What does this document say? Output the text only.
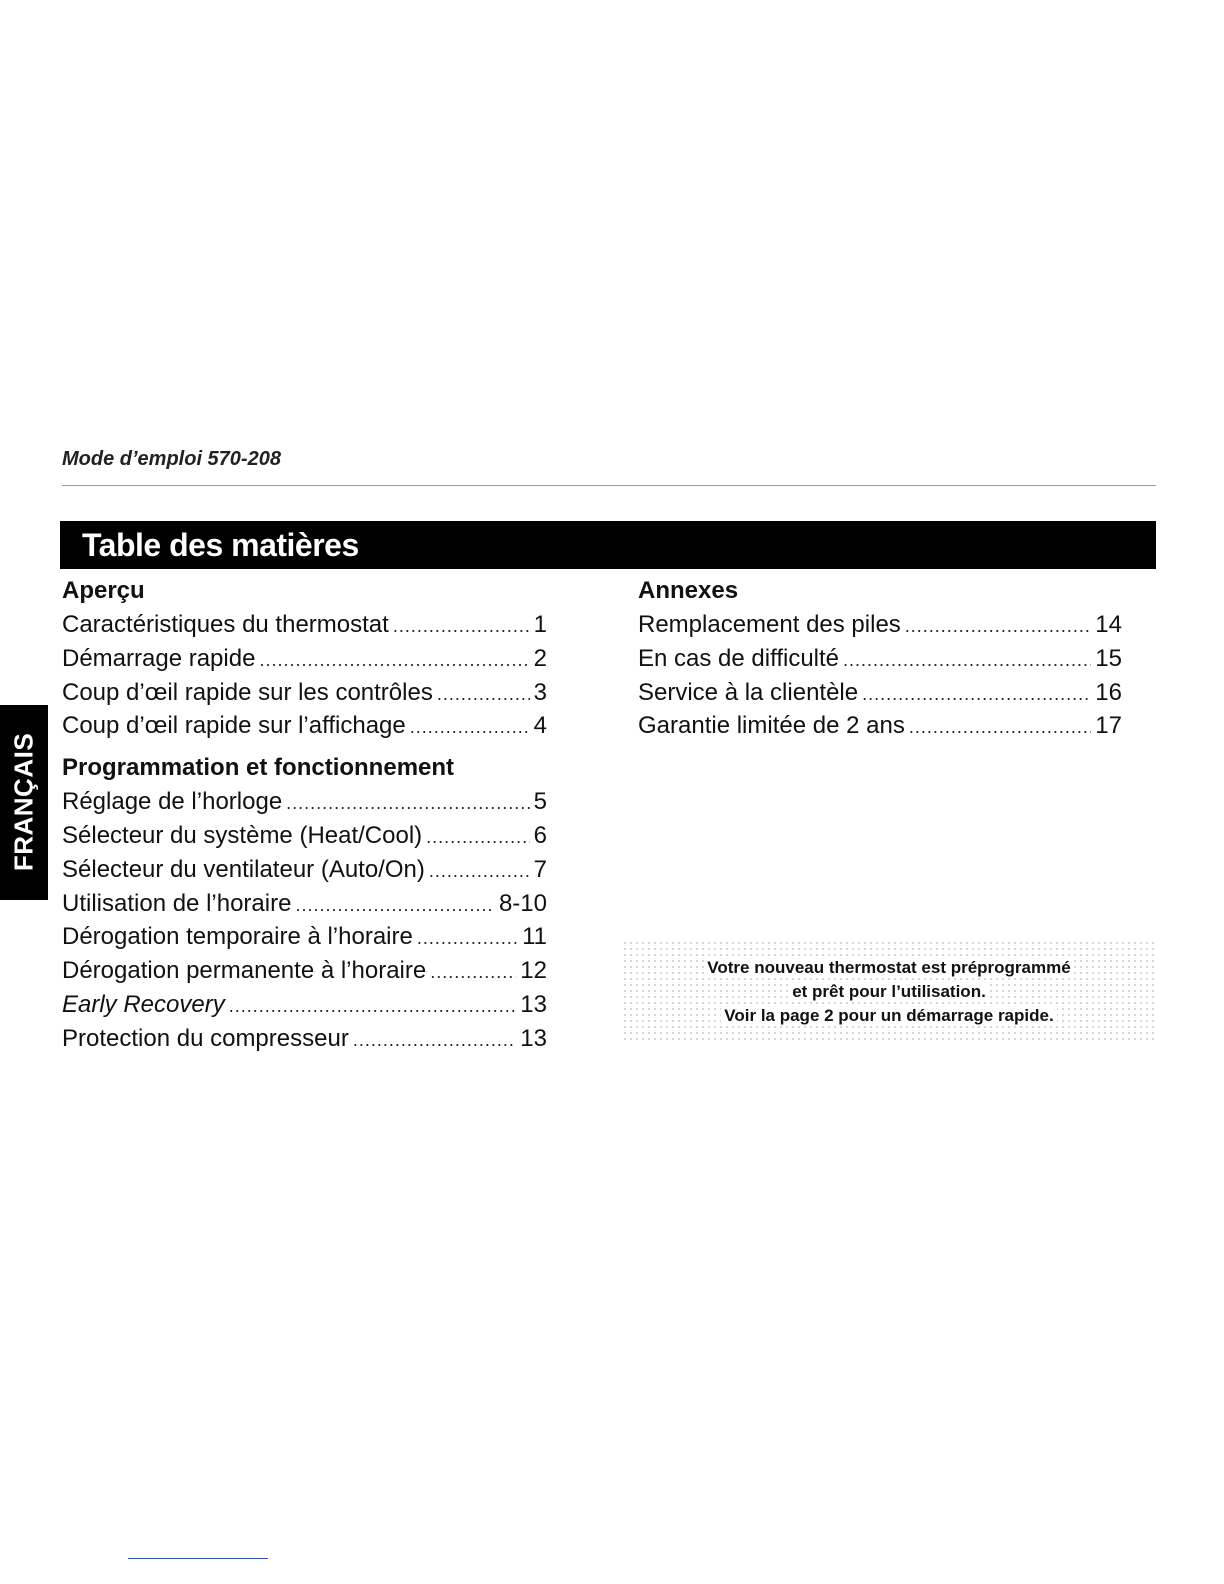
Mode d’emploi 570-208
Table des matières
FRANÇAIS
Aperçu
Caractéristiques du thermostat .....	1
Démarrage rapide .....	2
Coup d’œil rapide sur les contrôles .....	3
Coup d’œil rapide sur l’affichage .....	4
Programmation et fonctionnement
Réglage de l’horloge .....	5
Sélecteur du système (Heat/Cool) .....	6
Sélecteur du ventilateur (Auto/On) .....	7
Utilisation de l’horaire .....	8-10
Dérogation temporaire à l’horaire .....	11
Dérogation permanente à l’horaire .....	12
Early Recovery .....	13
Protection du compresseur .....	13
Annexes
Remplacement des piles .....	14
En cas de difficulté .....	15
Service à la clientèle .....	16
Garantie limitée de 2 ans .....	17
Votre nouveau thermostat est préprogrammé
et prêt pour l’utilisation.
Voir la page 2 pour un démarrage rapide.
